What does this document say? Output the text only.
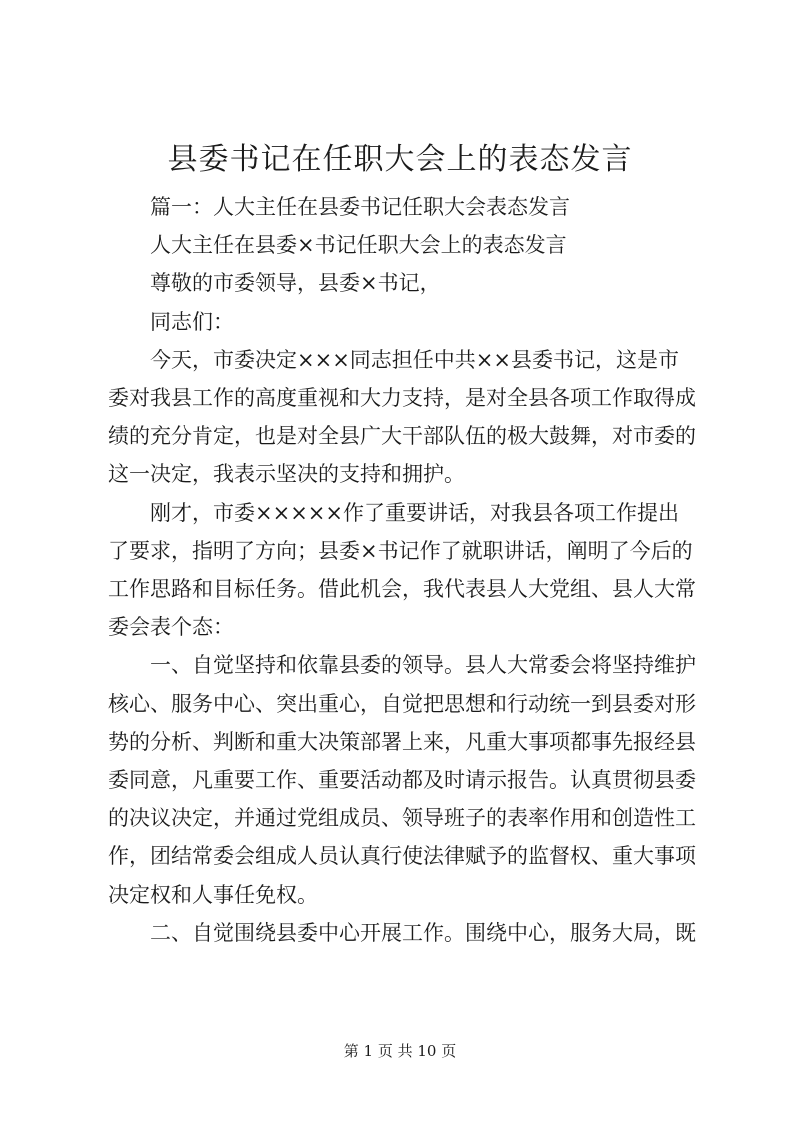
县委书记在任职大会上的表态发言

篇一：人大主任在县委书记任职大会表态发言

人大主任在县委×书记任职大会上的表态发言

尊敬的市委领导，县委×书记，

同志们：

今天，市委决定×××同志担任中共××县委书记，这是市

委对我县工作的高度重视和大力支持，是对全县各项工作取得成

绩的充分肯定，也是对全县广大干部队伍的极大鼓舞，对市委的

这一决定，我表示坚决的支持和拥护。

刚才，市委×××××作了重要讲话，对我县各项工作提出

了要求，指明了方向；县委×书记作了就职讲话，阐明了今后的

工作思路和目标任务。借此机会，我代表县人大党组、县人大常

委会表个态：

一、自觉坚持和依靠县委的领导。县人大常委会将坚持维护

核心、服务中心、突出重心，自觉把思想和行动统一到县委对形

势的分析、判断和重大决策部署上来，凡重大事项都事先报经县

委同意，凡重要工作、重要活动都及时请示报告。认真贯彻县委

的决议决定，并通过党组成员、领导班子的表率作用和创造性工

作，团结常委会组成人员认真行使法律赋予的监督权、重大事项

决定权和人事任免权。

二、自觉围绕县委中心开展工作。围绕中心，服务大局，既

第 1 页 共 10 页
